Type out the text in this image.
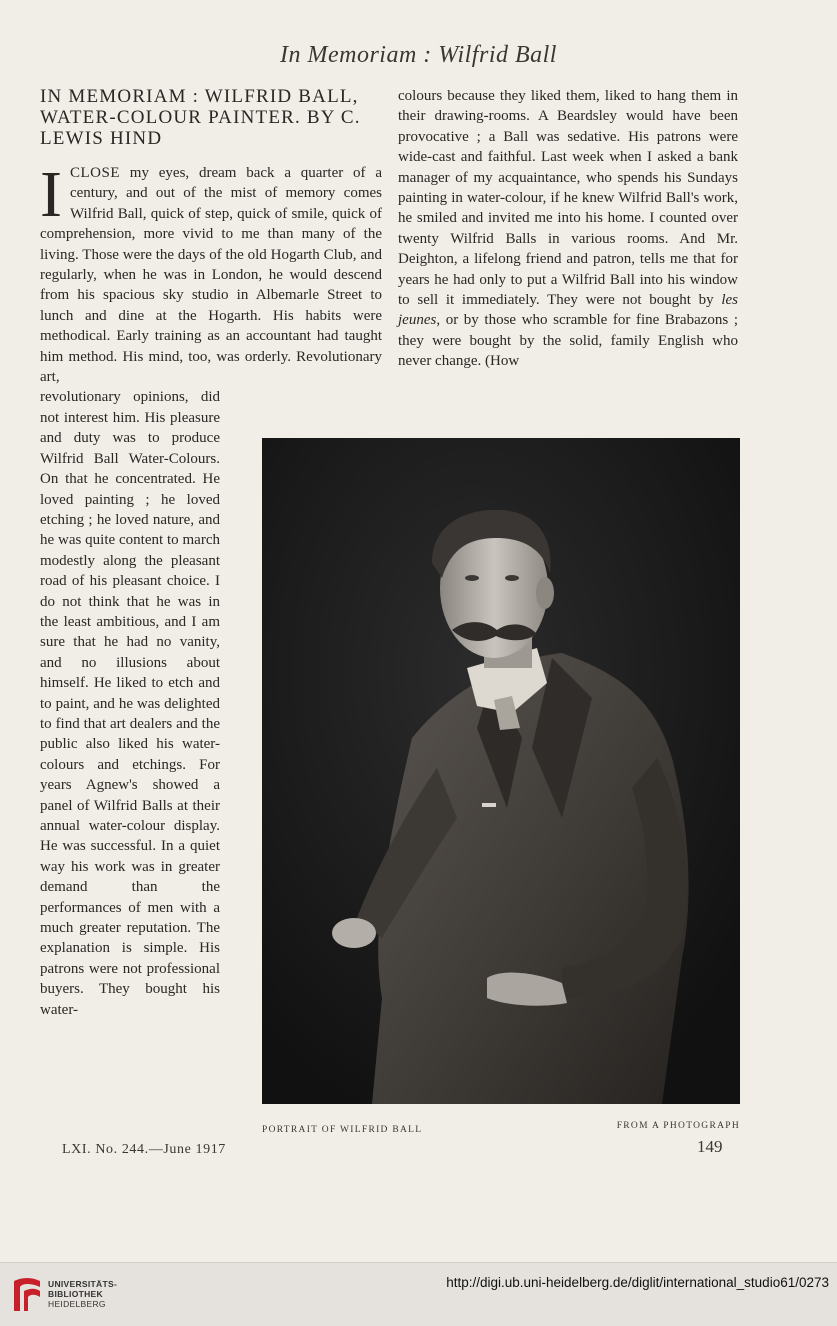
In Memoriam : Wilfrid Ball
IN MEMORIAM : WILFRID BALL, WATER-COLOUR PAINTER. BY C. LEWIS HIND

ICLOSE my eyes, dream back a quarter of a century, and out of the mist of memory comes Wilfrid Ball, quick of step, quick of smile, quick of comprehension, more vivid to me than many of the living. Those were the days of the old Hogarth Club, and regularly, when he was in London, he would descend from his spacious sky studio in Albemarle Street to lunch and dine at the Hogarth. His habits were methodical. Early training as an accountant had taught him method. His mind, too, was orderly. Revolutionary art,

revolutionary opinions, did not interest him. His pleasure and duty was to produce Wilfrid Ball Water-Colours. On that he concentrated. He loved painting ; he loved etching ; he loved nature, and he was quite content to march modestly along the pleasant road of his pleasant choice. I do not think that he was in the least ambitious, and I am sure that he had no vanity, and no illusions about himself. He liked to etch and to paint, and he was delighted to find that art dealers and the public also liked his water-colours and etchings. For years Agnew's showed a panel of Wilfrid Balls at their annual water-colour display. He was successful. In a quiet way his work was in greater demand than the performances of men with a much greater reputation. The explanation is simple. His patrons were not professional buyers. They bought his water-

colours because they liked them, liked to hang them in their drawing-rooms. A Beardsley would have been provocative ; a Ball was sedative. His patrons were wide-cast and faithful. Last week when I asked a bank manager of my acquaintance, who spends his Sundays painting in water-colour, if he knew Wilfrid Ball's work, he smiled and invited me into his home. I counted over twenty Wilfrid Balls in various rooms. And Mr. Deighton, a lifelong friend and patron, tells me that for years he had only to put a Wilfrid Ball into his window to sell it immediately. They were not bought by les jeunes, or by those who scramble for fine Brabazons ; they were bought by the solid, family English who never change. (How

PORTRAIT OF WILFRID BALL	FROM A PHOTOGRAPH
LXI. No. 244.—June 1917	149
UNIVERSITÄTS-
BIBLIOTHEK
HEIDELBERG
http://digi.ub.uni-heidelberg.de/diglit/international_studio61/0273
